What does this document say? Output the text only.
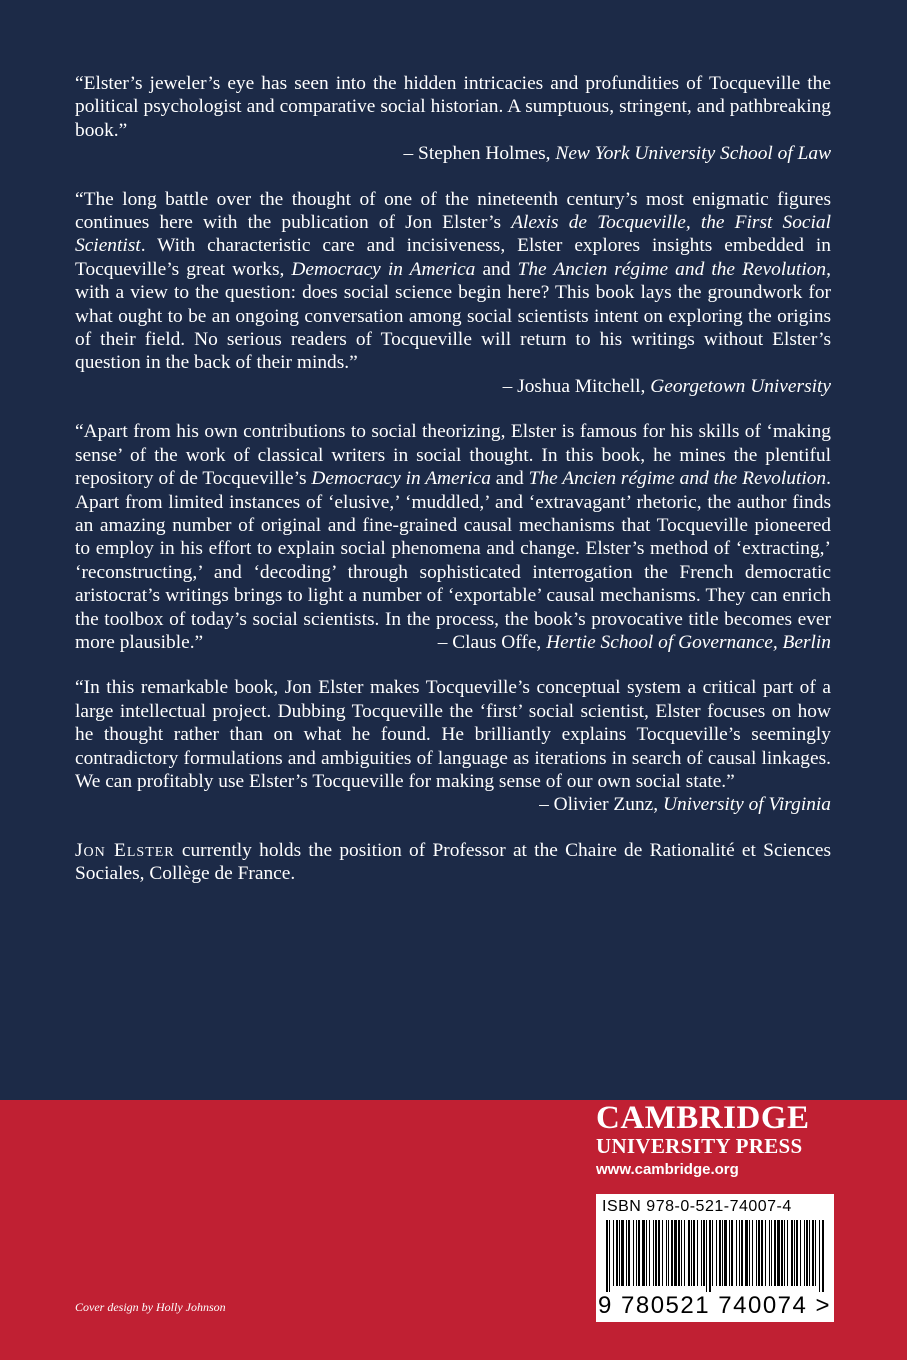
“Elster’s jeweler’s eye has seen into the hidden intricacies and profundities of Tocqueville the political psychologist and comparative social historian. A sumptuous, stringent, and pathbreaking book.”

– Stephen Holmes, New York University School of Law

“The long battle over the thought of one of the nineteenth century’s most enigmatic figures continues here with the publication of Jon Elster’s Alexis de Tocqueville, the First Social Scientist. With characteristic care and incisiveness, Elster explores insights embedded in Tocqueville’s great works, Democracy in America and The Ancien régime and the Revolution, with a view to the question: does social science begin here? This book lays the groundwork for what ought to be an ongoing conversation among social scientists intent on exploring the origins of their field. No serious readers of Tocqueville will return to his writings without Elster’s question in the back of their minds.”

– Joshua Mitchell, Georgetown University

“Apart from his own contributions to social theorizing, Elster is famous for his skills of ‘making sense’ of the work of classical writers in social thought. In this book, he mines the plentiful repository of de Tocqueville’s Democracy in America and The Ancien régime and the Revolution. Apart from limited instances of ‘elusive,’ ‘muddled,’ and ‘extravagant’ rhetoric, the author finds an amazing number of original and fine-grained causal mechanisms that Tocqueville pioneered to employ in his effort to explain social phenomena and change. Elster’s method of ‘extracting,’ ‘reconstructing,’ and ‘decoding’ through sophisticated interrogation the French democratic aristocrat’s writings brings to light a number of ‘exportable’ causal mechanisms. They can enrich the toolbox of today’s social scientists. In the process, the book’s provocative title becomes ever more plausible.”	– Claus Offe, Hertie School of Governance, Berlin

“In this remarkable book, Jon Elster makes Tocqueville’s conceptual system a critical part of a large intellectual project. Dubbing Tocqueville the ‘first’ social scientist, Elster focuses on how he thought rather than on what he found. He brilliantly explains Tocqueville’s seemingly contradictory formulations and ambiguities of language as iterations in search of causal linkages. We can profitably use Elster’s Tocqueville for making sense of our own social state.”
– Olivier Zunz, University of Virginia

Jon Elster currently holds the position of Professor at the Chaire de Rationalité et Sciences Sociales, Collège de France.

CAMBRIDGE
UNIVERSITY PRESS
www.cambridge.org
ISBN 978-0-521-74007-4
9 780521 740074 >
Cover design by Holly Johnson
